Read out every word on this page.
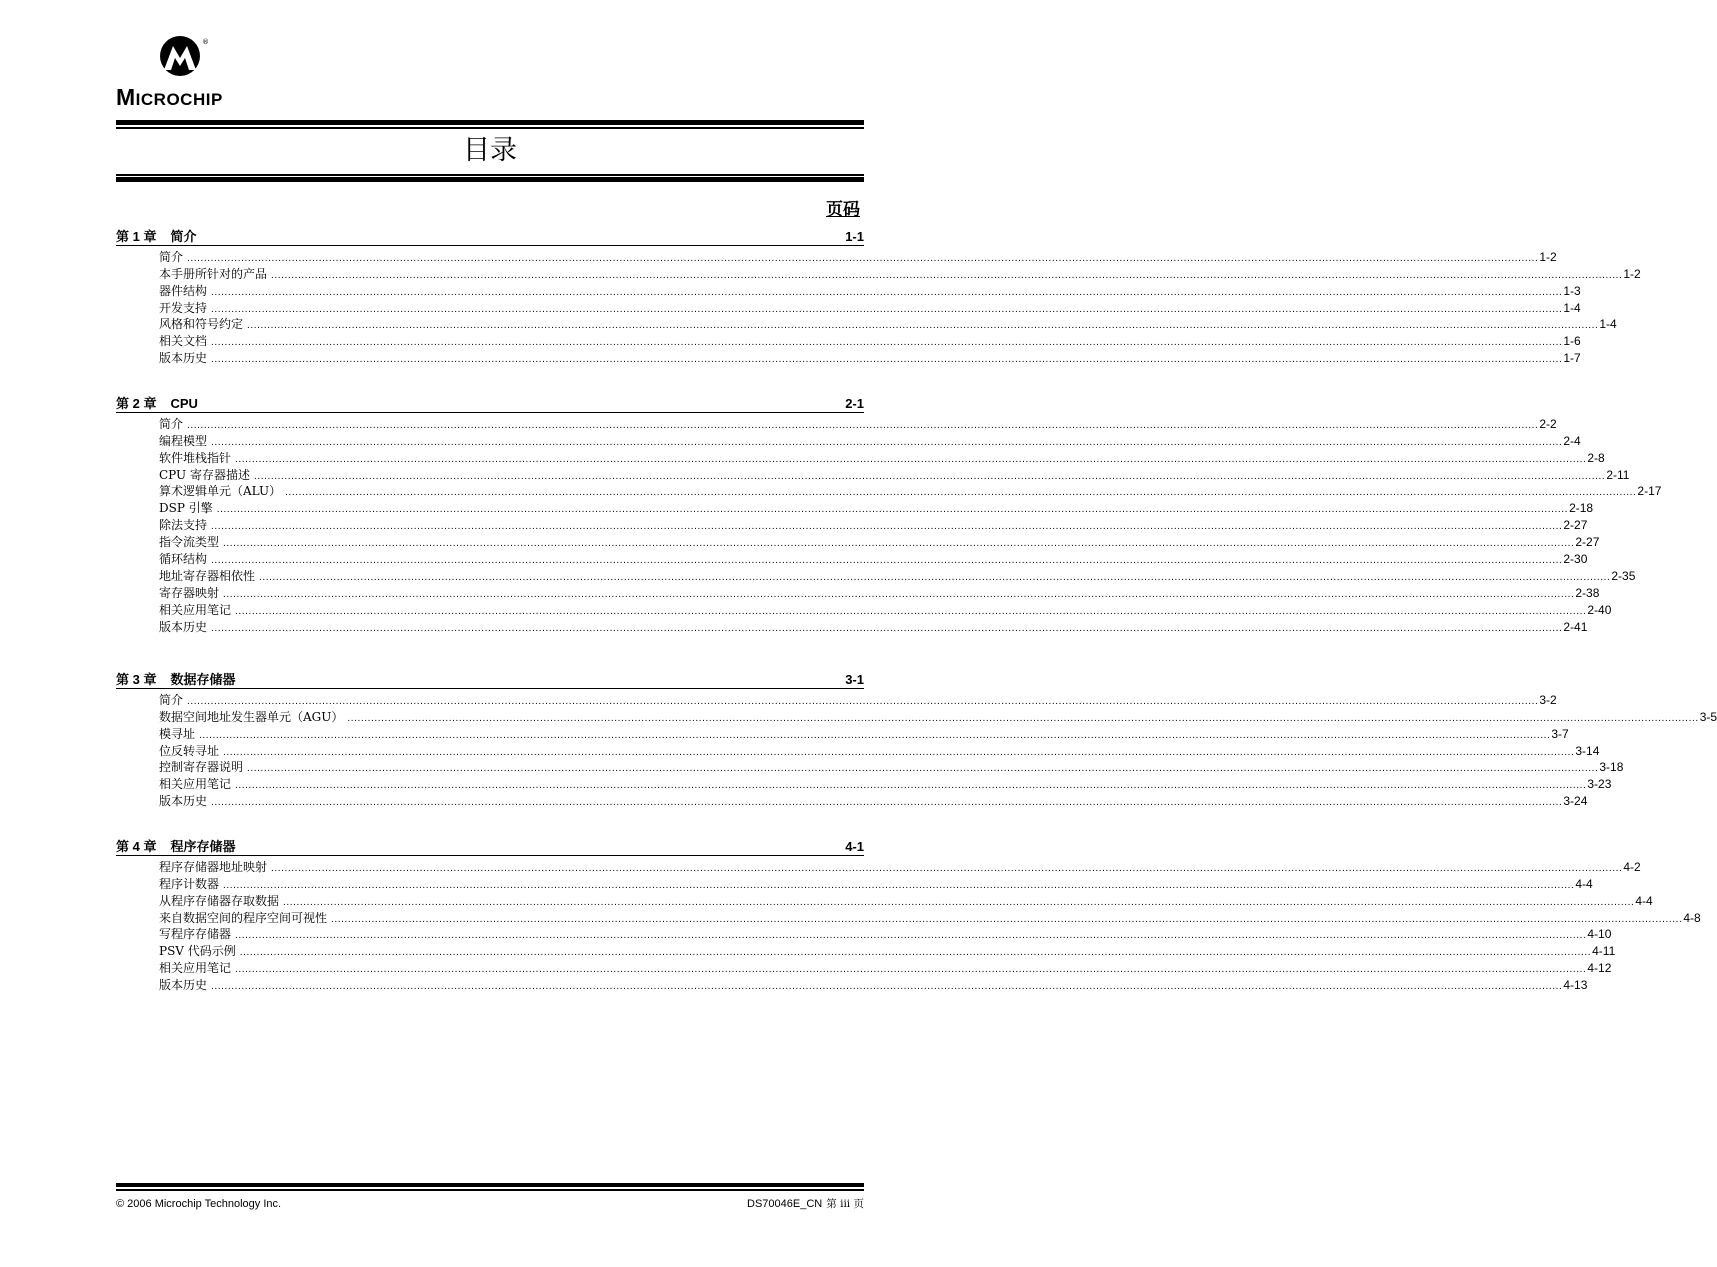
®
MICROCHIP
目录
页码
第 1 章 简介	1-1
简介 ................................................................................................................................................................................................................................................................................................................................................................................................................ 1-2
本手册所针对的产品 ................................................................................................................................................................................................................................................................................................................................................................................................................ 1-2
器件结构 ................................................................................................................................................................................................................................................................................................................................................................................................................ 1-3
开发支持 ................................................................................................................................................................................................................................................................................................................................................................................................................ 1-4
风格和符号约定 ................................................................................................................................................................................................................................................................................................................................................................................................................ 1-4
相关文档 ................................................................................................................................................................................................................................................................................................................................................................................................................ 1-6
版本历史 ................................................................................................................................................................................................................................................................................................................................................................................................................ 1-7
第 2 章 CPU	2-1
简介 ................................................................................................................................................................................................................................................................................................................................................................................................................ 2-2
编程模型 ................................................................................................................................................................................................................................................................................................................................................................................................................ 2-4
软件堆栈指针 ................................................................................................................................................................................................................................................................................................................................................................................................................ 2-8
CPU 寄存器描述 ................................................................................................................................................................................................................................................................................................................................................................................................................ 2-11
算术逻辑单元（ALU） ................................................................................................................................................................................................................................................................................................................................................................................................................ 2-17
DSP 引擎 ................................................................................................................................................................................................................................................................................................................................................................................................................ 2-18
除法支持 ................................................................................................................................................................................................................................................................................................................................................................................................................ 2-27
指令流类型 ................................................................................................................................................................................................................................................................................................................................................................................................................ 2-27
循环结构 ................................................................................................................................................................................................................................................................................................................................................................................................................ 2-30
地址寄存器相依性 ................................................................................................................................................................................................................................................................................................................................................................................................................ 2-35
寄存器映射 ................................................................................................................................................................................................................................................................................................................................................................................................................ 2-38
相关应用笔记 ................................................................................................................................................................................................................................................................................................................................................................................................................ 2-40
版本历史 ................................................................................................................................................................................................................................................................................................................................................................................................................ 2-41
第 3 章 数据存储器	3-1
简介 ................................................................................................................................................................................................................................................................................................................................................................................................................ 3-2
数据空间地址发生器单元（AGU） ................................................................................................................................................................................................................................................................................................................................................................................................................ 3-5
模寻址 ................................................................................................................................................................................................................................................................................................................................................................................................................ 3-7
位反转寻址 ................................................................................................................................................................................................................................................................................................................................................................................................................ 3-14
控制寄存器说明 ................................................................................................................................................................................................................................................................................................................................................................................................................ 3-18
相关应用笔记 ................................................................................................................................................................................................................................................................................................................................................................................................................ 3-23
版本历史 ................................................................................................................................................................................................................................................................................................................................................................................................................ 3-24
第 4 章 程序存储器	4-1
程序存储器地址映射 ................................................................................................................................................................................................................................................................................................................................................................................................................ 4-2
程序计数器 ................................................................................................................................................................................................................................................................................................................................................................................................................ 4-4
从程序存储器存取数据 ................................................................................................................................................................................................................................................................................................................................................................................................................ 4-4
来自数据空间的程序空间可视性 ................................................................................................................................................................................................................................................................................................................................................................................................................ 4-8
写程序存储器 ................................................................................................................................................................................................................................................................................................................................................................................................................ 4-10
PSV 代码示例 ................................................................................................................................................................................................................................................................................................................................................................................................................ 4-11
相关应用笔记 ................................................................................................................................................................................................................................................................................................................................................................................................................ 4-12
版本历史 ................................................................................................................................................................................................................................................................................................................................................................................................................ 4-13
© 2006 Microchip Technology Inc.	DS70046E_CN 第 iii 页
